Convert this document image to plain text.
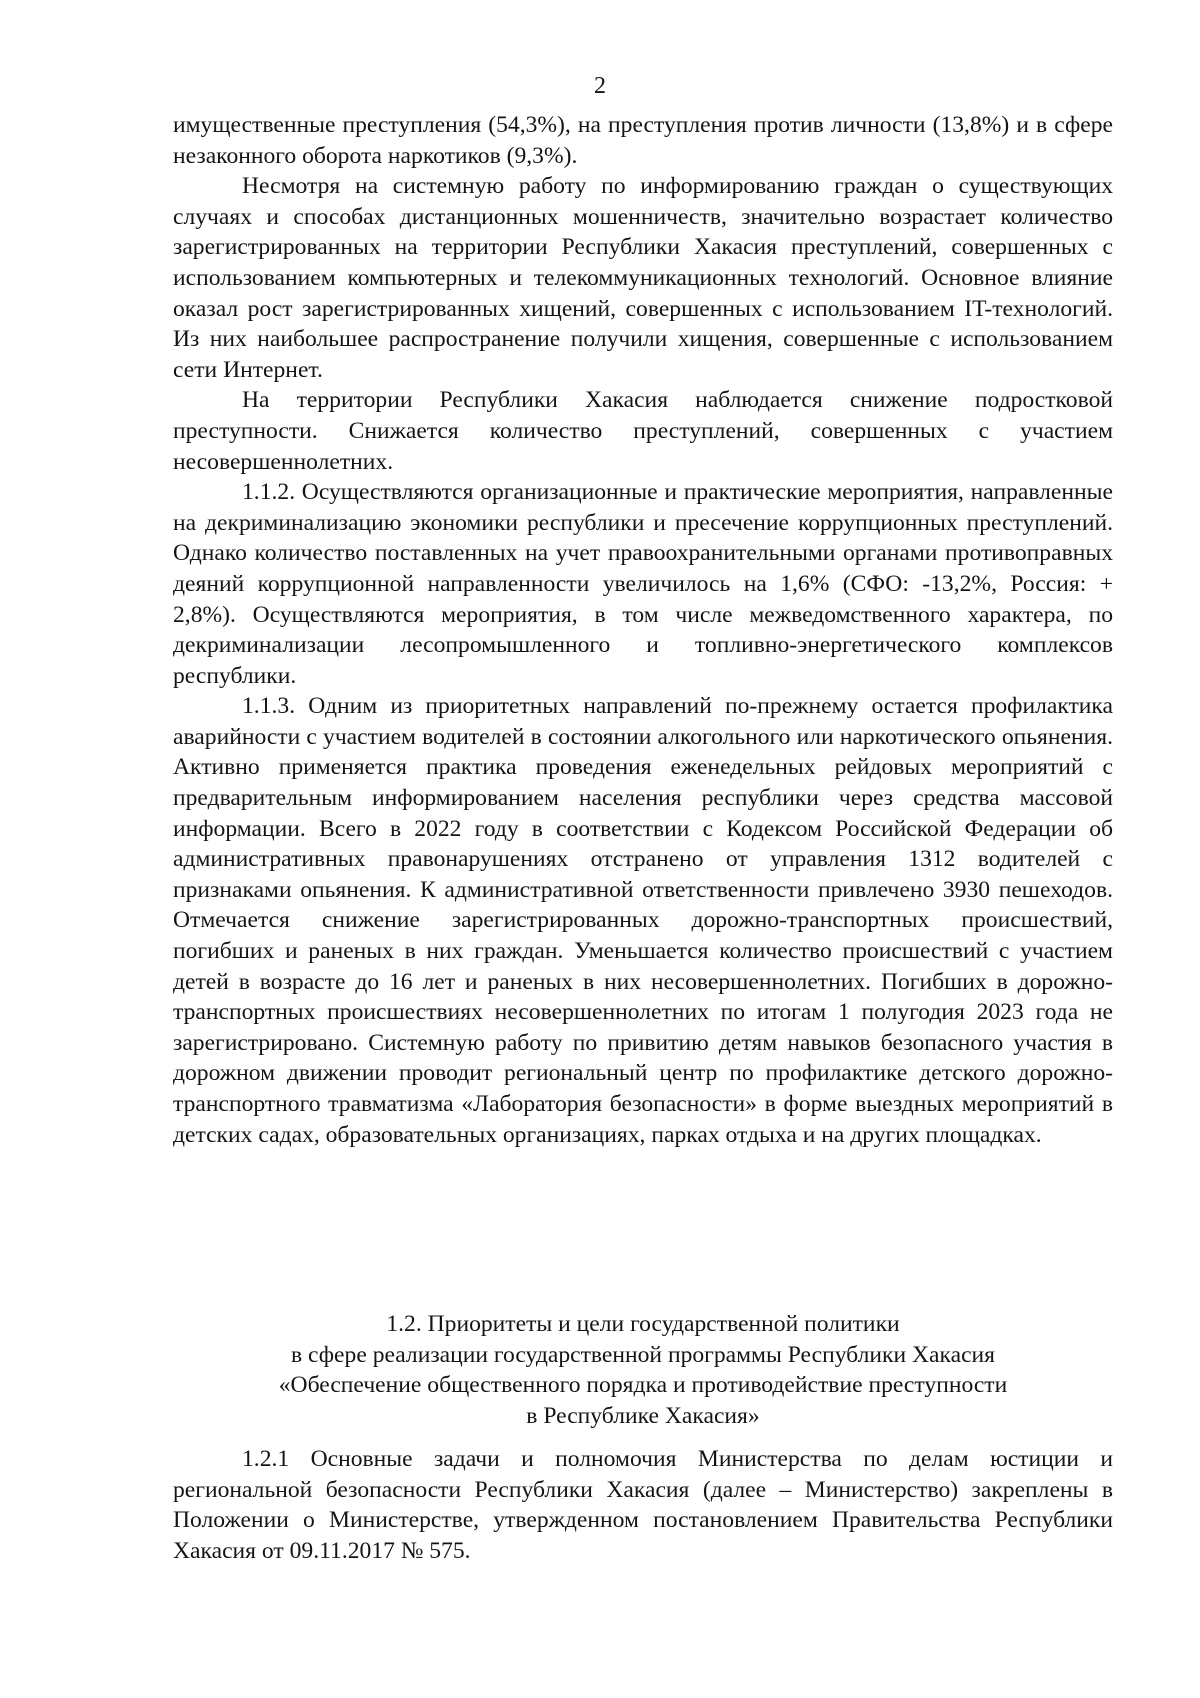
2

имущественные преступления (54,3%), на преступления против личности (13,8%) и в сфере незаконного оборота наркотиков (9,3%).

Несмотря на системную работу по информированию граждан о существующих случаях и способах дистанционных мошенничеств, значительно возрастает количество зарегистрированных на территории Республики Хакасия преступлений, совершенных с использованием компьютерных и телекоммуникационных технологий. Основное влияние оказал рост зарегистрированных хищений, совершенных с использованием IT-технологий. Из них наибольшее распространение получили хищения, совершенные с использованием сети Интернет.

На территории Республики Хакасия наблюдается снижение подростковой преступности. Снижается количество преступлений, совершенных с участием несовершеннолетних.

1.1.2. Осуществляются организационные и практические мероприятия, направленные на декриминализацию экономики республики и пресечение коррупционных преступлений. Однако количество поставленных на учет правоохранительными органами противоправных деяний коррупционной направленности увеличилось на 1,6% (СФО: -13,2%, Россия: + 2,8%). Осуществляются мероприятия, в том числе межведомственного характера, по декриминализации лесопромышленного и топливно-энергетического комплексов республики.

1.1.3. Одним из приоритетных направлений по-прежнему остается профилактика аварийности с участием водителей в состоянии алкогольного или наркотического опьянения. Активно применяется практика проведения еженедельных рейдовых мероприятий с предварительным информированием населения республики через средства массовой информации. Всего в 2022 году в соответствии с Кодексом Российской Федерации об административных правонарушениях отстранено от управления 1312 водителей с признаками опьянения. К административной ответственности привлечено 3930 пешеходов. Отмечается снижение зарегистрированных дорожно-транспортных происшествий, погибших и раненых в них граждан. Уменьшается количество происшествий с участием детей в возрасте до 16 лет и раненых в них несовершеннолетних. Погибших в дорожно-транспортных происшествиях несовершеннолетних по итогам 1 полугодия 2023 года не зарегистрировано. Системную работу по привитию детям навыков безопасного участия в дорожном движении проводит региональный центр по профилактике детского дорожно-транспортного травматизма «Лаборатория безопасности» в форме выездных мероприятий в детских садах, образовательных организациях, парках отдыха и на других площадках.

1.2. Приоритеты и цели государственной политики
в сфере реализации государственной программы Республики Хакасия
«Обеспечение общественного порядка и противодействие преступности
в Республике Хакасия»

1.2.1 Основные задачи и полномочия Министерства по делам юстиции и региональной безопасности Республики Хакасия (далее – Министерство) закреплены в Положении о Министерстве, утвержденном постановлением Правительства Республики Хакасия от 09.11.2017 № 575.
